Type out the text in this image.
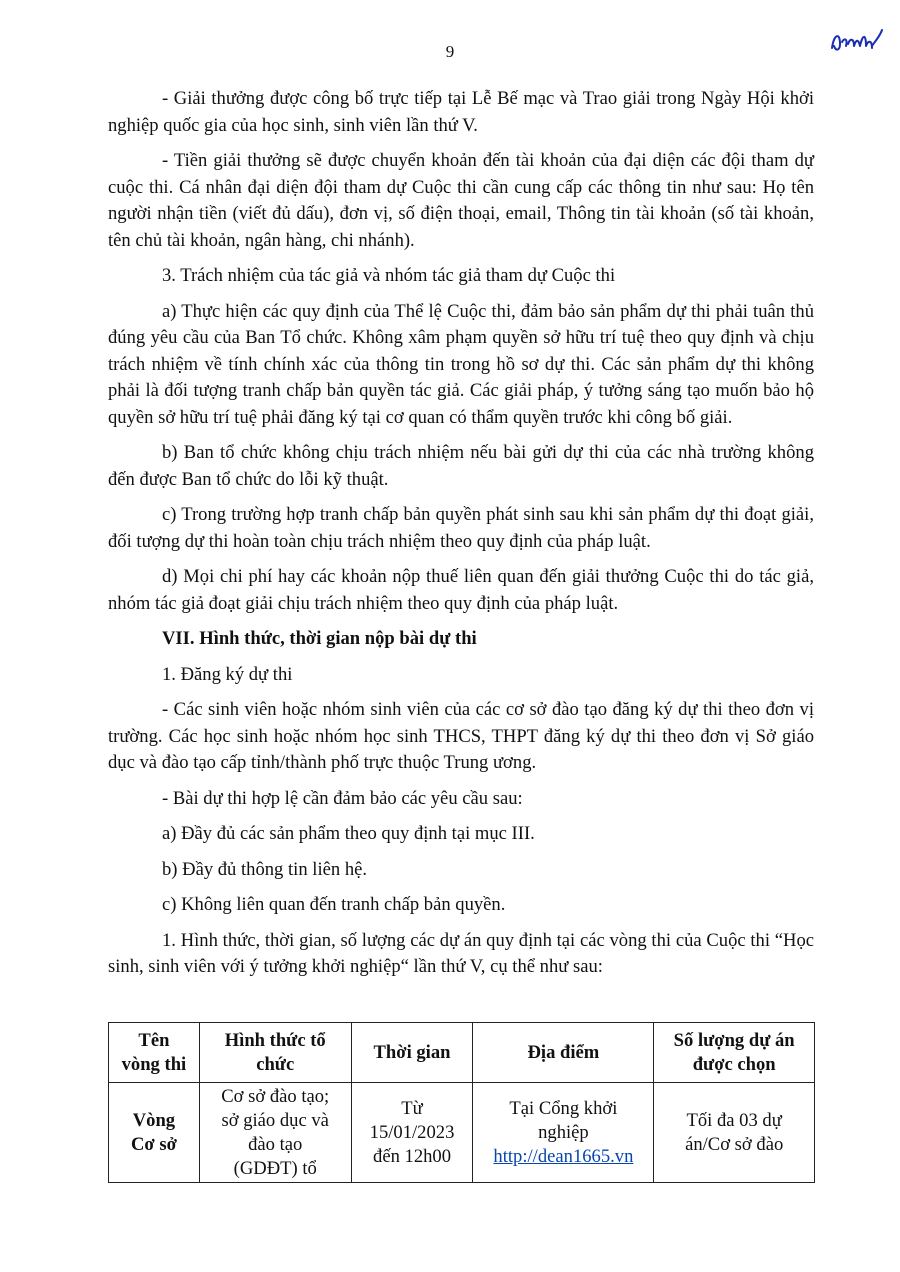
9

- Giải thưởng được công bố trực tiếp tại Lễ Bế mạc và Trao giải trong Ngày Hội khởi nghiệp quốc gia của học sinh, sinh viên lần thứ V.

- Tiền giải thưởng sẽ được chuyển khoản đến tài khoản của đại diện các đội tham dự cuộc thi. Cá nhân đại diện đội tham dự Cuộc thi cần cung cấp các thông tin như sau: Họ tên người nhận tiền (viết đủ dấu), đơn vị, số điện thoại, email, Thông tin tài khoản (số tài khoản, tên chủ tài khoản, ngân hàng, chi nhánh).

3. Trách nhiệm của tác giả và nhóm tác giả tham dự Cuộc thi

a) Thực hiện các quy định của Thể lệ Cuộc thi, đảm bảo sản phẩm dự thi phải tuân thủ đúng yêu cầu của Ban Tổ chức. Không xâm phạm quyền sở hữu trí tuệ theo quy định và chịu trách nhiệm về tính chính xác của thông tin trong hồ sơ dự thi. Các sản phẩm dự thi không phải là đối tượng tranh chấp bản quyền tác giả. Các giải pháp, ý tưởng sáng tạo muốn bảo hộ quyền sở hữu trí tuệ phải đăng ký tại cơ quan có thẩm quyền trước khi công bố giải.

b) Ban tổ chức không chịu trách nhiệm nếu bài gửi dự thi của các nhà trường không đến được Ban tổ chức do lỗi kỹ thuật.

c) Trong trường hợp tranh chấp bản quyền phát sinh sau khi sản phẩm dự thi đoạt giải, đối tượng dự thi hoàn toàn chịu trách nhiệm theo quy định của pháp luật.

d) Mọi chi phí hay các khoản nộp thuế liên quan đến giải thưởng Cuộc thi do tác giả, nhóm tác giả đoạt giải chịu trách nhiệm theo quy định của pháp luật.

VII. Hình thức, thời gian nộp bài dự thi

1. Đăng ký dự thi

- Các sinh viên hoặc nhóm sinh viên của các cơ sở đào tạo đăng ký dự thi theo đơn vị trường. Các học sinh hoặc nhóm học sinh THCS, THPT đăng ký dự thi theo đơn vị Sở giáo dục và đào tạo cấp tỉnh/thành phố trực thuộc Trung ương.

- Bài dự thi hợp lệ cần đảm bảo các yêu cầu sau:

a) Đầy đủ các sản phẩm theo quy định tại mục III.

b) Đầy đủ thông tin liên hệ.

c) Không liên quan đến tranh chấp bản quyền.

1. Hình thức, thời gian, số lượng các dự án quy định tại các vòng thi của Cuộc thi “Học sinh, sinh viên với ý tưởng khởi nghiệp“ lần thứ V, cụ thể như sau:

Tên
vòng thi	Hình thức tổ
chức	Thời gian	Địa điểm	Số lượng dự án
được chọn
Vòng
Cơ sở	Cơ sở đào tạo;
sở giáo dục và
đào tạo
(GDĐT) tổ	Từ
15/01/2023
đến 12h00	Tại Cổng khởi
nghiệp
http://dean1665.vn	Tối đa 03 dự
án/Cơ sở đào
